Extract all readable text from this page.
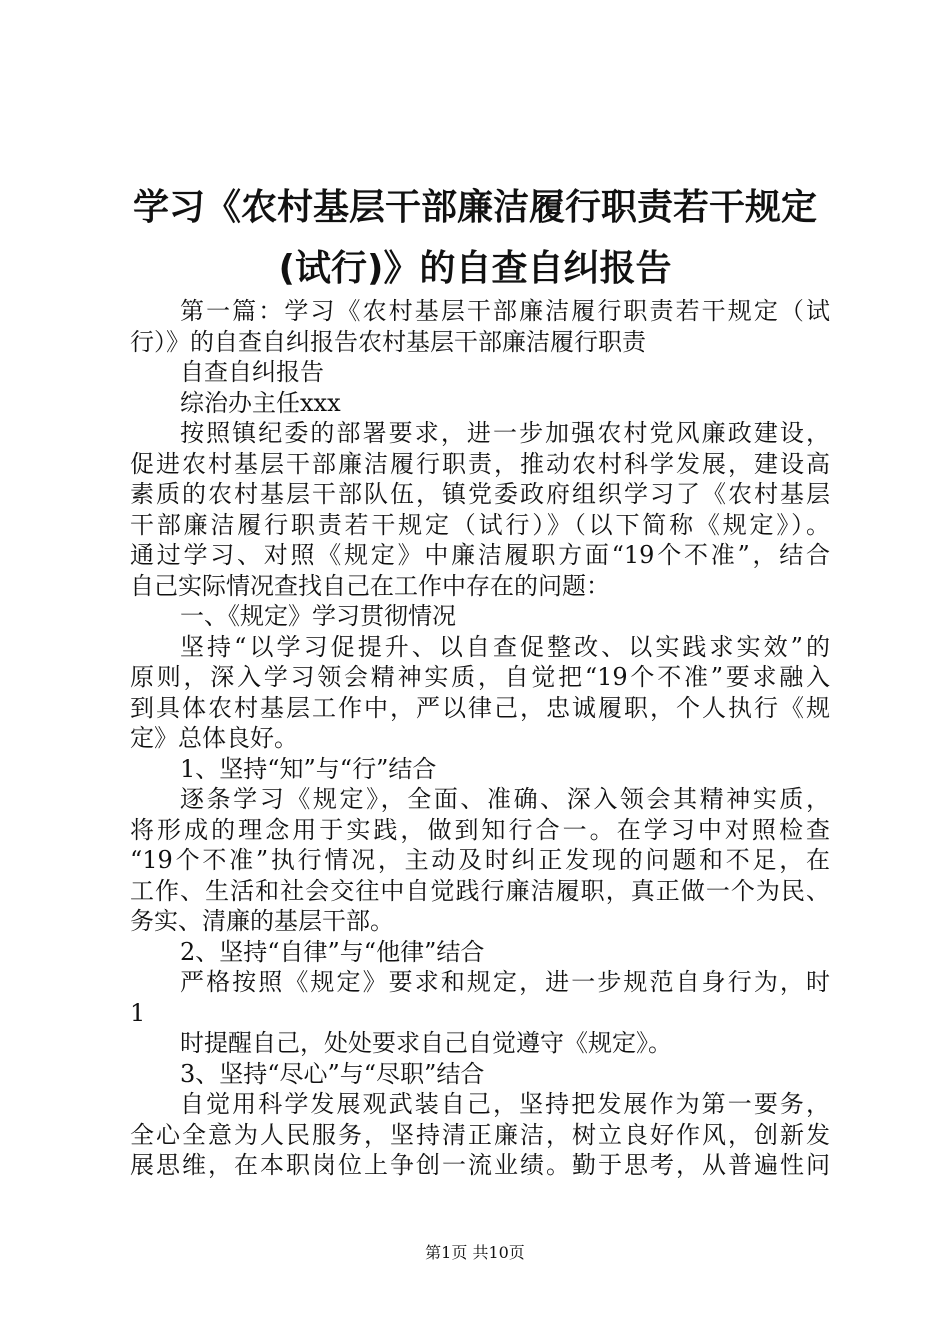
学习《农村基层干部廉洁履行职责若干规定
(试行)》的自查自纠报告
第一篇：学习《农村基层干部廉洁履行职责若干规定（试
行）》的自查自纠报告农村基层干部廉洁履行职责
自查自纠报告
综治办主任xxx
按照镇纪委的部署要求，进一步加强农村党风廉政建设，
促进农村基层干部廉洁履行职责，推动农村科学发展，建设高
素质的农村基层干部队伍，镇党委政府组织学习了《农村基层
干部廉洁履行职责若干规定（试行）》（以下简称《规定》）。
通过学习、对照《规定》中廉洁履职方面“19个不准”，结合
自己实际情况查找自己在工作中存在的问题：
一、《规定》学习贯彻情况
坚持“以学习促提升、以自查促整改、以实践求实效”的
原则，深入学习领会精神实质，自觉把“19个不准”要求融入
到具体农村基层工作中，严以律己，忠诚履职，个人执行《规
定》总体良好。
1、坚持“知”与“行”结合
逐条学习《规定》，全面、准确、深入领会其精神实质，
将形成的理念用于实践，做到知行合一。在学习中对照检查
“19个不准”执行情况，主动及时纠正发现的问题和不足，在
工作、生活和社会交往中自觉践行廉洁履职，真正做一个为民、
务实、清廉的基层干部。
2、坚持“自律”与“他律”结合
严格按照《规定》要求和规定，进一步规范自身行为，时
1
时提醒自己，处处要求自己自觉遵守《规定》。
3、坚持“尽心”与“尽职”结合
自觉用科学发展观武装自己，坚持把发展作为第一要务，
全心全意为人民服务，坚持清正廉洁，树立良好作风，创新发
展思维，在本职岗位上争创一流业绩。勤于思考，从普遍性问
第1页 共10页
